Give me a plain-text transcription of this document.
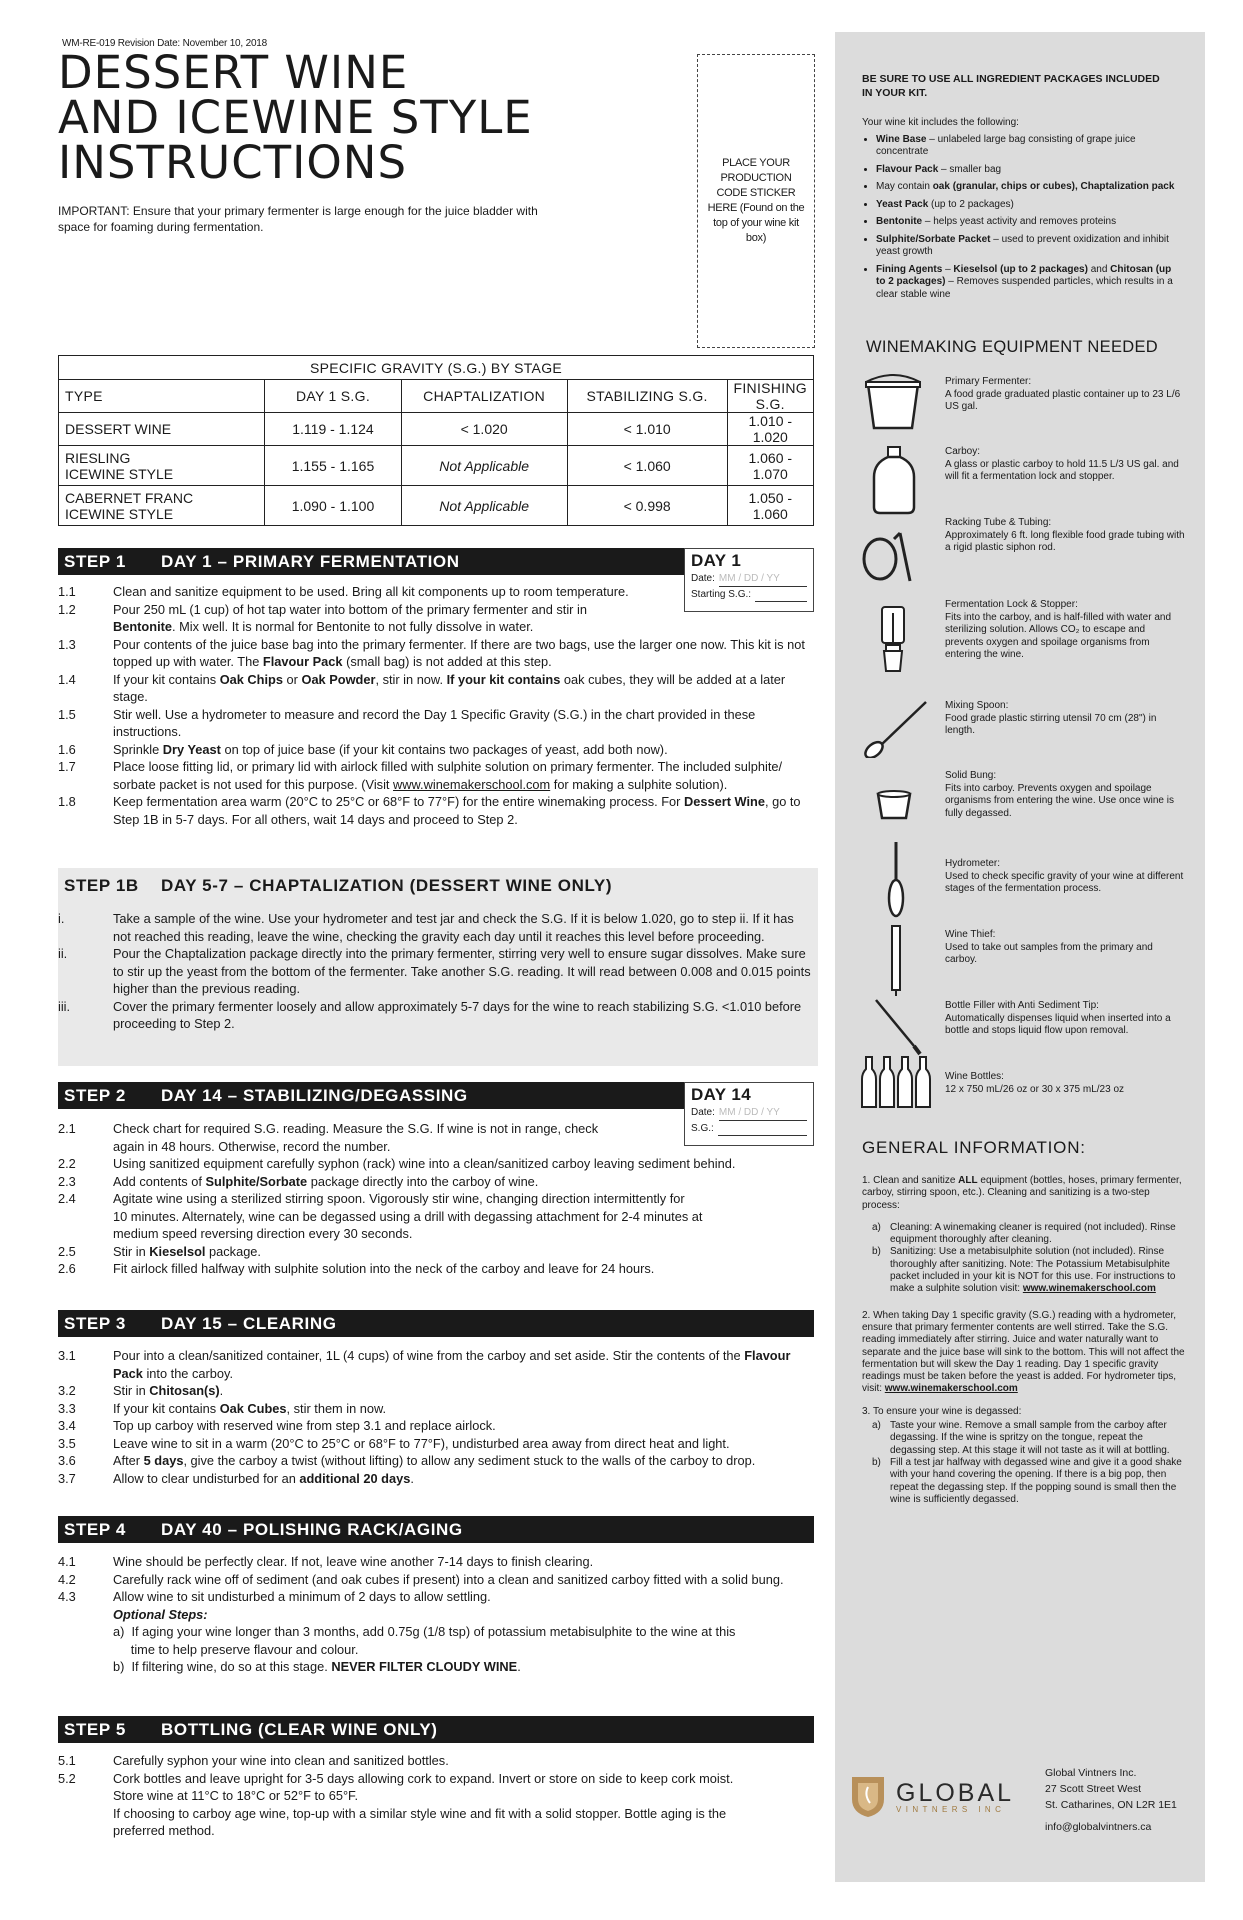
WM-RE-019 Revision Date: November 10, 2018
DESSERT WINE
AND ICEWINE STYLE
INSTRUCTIONS
IMPORTANT: Ensure that your primary fermenter is large enough for the juice bladder with space for foaming during fermentation.
PLACE YOUR PRODUCTION CODE STICKER HERE (Found on the top of your wine kit box)
SPECIFIC GRAVITY (S.G.) BY STAGE				
TYPE	DAY 1 S.G.	CHAPTALIZATION	STABILIZING S.G.	FINISHING S.G.
DESSERT WINE	1.119 - 1.124	< 1.020	< 1.010	1.010 - 1.020
RIESLING
ICEWINE STYLE	1.155 - 1.165	Not Applicable	< 1.060	1.060 - 1.070
CABERNET FRANC
ICEWINE STYLE	1.090 - 1.100	Not Applicable	< 0.998	1.050 - 1.060
STEP 1 DAY 1 – PRIMARY FERMENTATION	DAY 1
Date: MM / DD / YY
Starting S.G.:
1.1	Clean and sanitize equipment to be used. Bring all kit components up to room temperature.
1.2	Pour 250 mL (1 cup) of hot tap water into bottom of the primary fermenter and stir in
Bentonite. Mix well. It is normal for Bentonite to not fully dissolve in water.
1.3	Pour contents of the juice base bag into the primary fermenter. If there are two bags, use the larger one now. This kit is not topped up with water. The Flavour Pack (small bag) is not added at this step.
1.4	If your kit contains Oak Chips or Oak Powder, stir in now. If your kit contains oak cubes, they will be added at a later stage.
1.5	Stir well. Use a hydrometer to measure and record the Day 1 Specific Gravity (S.G.) in the chart provided in these instructions.
1.6	Sprinkle Dry Yeast on top of juice base (if your kit contains two packages of yeast, add both now).
1.7	Place loose fitting lid, or primary lid with airlock filled with sulphite solution on primary fermenter. The included sulphite/ sorbate packet is not used for this purpose. (Visit www.winemakerschool.com for making a sulphite solution).
1.8	Keep fermentation area warm (20°C to 25°C or 68°F to 77°F) for the entire winemaking process. For Dessert Wine, go to Step 1B in 5-7 days. For all others, wait 14 days and proceed to Step 2.
STEP 1B DAY 5-7 – CHAPTALIZATION (DESSERT WINE ONLY)
i.	Take a sample of the wine. Use your hydrometer and test jar and check the S.G. If it is below 1.020, go to step ii. If it has not reached this reading, leave the wine, checking the gravity each day until it reaches this level before proceeding.
ii.	Pour the Chaptalization package directly into the primary fermenter, stirring very well to ensure sugar dissolves. Make sure to stir up the yeast from the bottom of the fermenter. Take another S.G. reading. It will read between 0.008 and 0.015 points higher than the previous reading.
iii.	Cover the primary fermenter loosely and allow approximately 5-7 days for the wine to reach stabilizing S.G. <1.010 before proceeding to Step 2.
STEP 2 DAY 14 – STABILIZING/DEGASSING	DAY 14
Date: MM / DD / YY
S.G.:
2.1	Check chart for required S.G. reading. Measure the S.G. If wine is not in range, check
again in 48 hours. Otherwise, record the number.
2.2	Using sanitized equipment carefully syphon (rack) wine into a clean/sanitized carboy leaving sediment behind.
2.3	Add contents of Sulphite/Sorbate package directly into the carboy of wine.
2.4	Agitate wine using a sterilized stirring spoon. Vigorously stir wine, changing direction intermittently for
10 minutes. Alternately, wine can be degassed using a drill with degassing attachment for 2-4 minutes at
medium speed reversing direction every 30 seconds.
2.5	Stir in Kieselsol package.
2.6	Fit airlock filled halfway with sulphite solution into the neck of the carboy and leave for 24 hours.
STEP 3 DAY 15 – CLEARING
3.1	Pour into a clean/sanitized container, 1L (4 cups) of wine from the carboy and set aside. Stir the contents of the Flavour Pack into the carboy.
3.2	Stir in Chitosan(s).
3.3	If your kit contains Oak Cubes, stir them in now.
3.4	Top up carboy with reserved wine from step 3.1 and replace airlock.
3.5	Leave wine to sit in a warm (20°C to 25°C or 68°F to 77°F), undisturbed area away from direct heat and light.
3.6	After 5 days, give the carboy a twist (without lifting) to allow any sediment stuck to the walls of the carboy to drop.
3.7	Allow to clear undisturbed for an additional 20 days.
STEP 4 DAY 40 – POLISHING RACK/AGING
4.1	Wine should be perfectly clear. If not, leave wine another 7-14 days to finish clearing.
4.2	Carefully rack wine off of sediment (and oak cubes if present) into a clean and sanitized carboy fitted with a solid bung.
4.3	Allow wine to sit undisturbed a minimum of 2 days to allow settling.
Optional Steps:
a)  If aging your wine longer than 3 months, add 0.75g (1/8 tsp) of potassium metabisulphite to the wine at this
time to help preserve flavour and colour.
b)  If filtering wine, do so at this stage. NEVER FILTER CLOUDY WINE.
STEP 5 BOTTLING (CLEAR WINE ONLY)
5.1	Carefully syphon your wine into clean and sanitized bottles.
5.2	Cork bottles and leave upright for 3-5 days allowing cork to expand. Invert or store on side to keep cork moist.
Store wine at 11°C to 18°C or 52°F to 65°F.
If choosing to carboy age wine, top-up with a similar style wine and fit with a solid stopper. Bottle aging is the
preferred method.
BE SURE TO USE ALL INGREDIENT PACKAGES INCLUDED IN YOUR KIT.
Your wine kit includes the following:
• Wine Base – unlabeled large bag consisting of grape juice concentrate
• Flavour Pack – smaller bag
• May contain oak (granular, chips or cubes), Chaptalization pack
• Yeast Pack (up to 2 packages)
• Bentonite – helps yeast activity and removes proteins
• Sulphite/Sorbate Packet – used to prevent oxidization and inhibit yeast growth
• Fining Agents – Kieselsol (up to 2 packages) and Chitosan (up to 2 packages) – Removes suspended particles, which results in a clear stable wine
WINEMAKING EQUIPMENT NEEDED
Primary Fermenter:
A food grade graduated plastic container up to 23 L/6 US gal.
Carboy:
A glass or plastic carboy to hold 11.5 L/3 US gal. and will fit a fermentation lock and stopper.
Racking Tube & Tubing:
Approximately 6 ft. long flexible food grade tubing with a rigid plastic siphon rod.
Fermentation Lock & Stopper:
Fits into the carboy, and is half-filled with water and sterilizing solution. Allows CO₂ to escape and prevents oxygen and spoilage organisms from entering the wine.
Mixing Spoon:
Food grade plastic stirring utensil 70 cm (28") in length.
Solid Bung:
Fits into carboy. Prevents oxygen and spoilage organisms from entering the wine. Use once wine is fully degassed.
Hydrometer:
Used to check specific gravity of your wine at different stages of the fermentation process.
Wine Thief:
Used to take out samples from the primary and carboy.
Bottle Filler with Anti Sediment Tip:
Automatically dispenses liquid when inserted into a bottle and stops liquid flow upon removal.
Wine Bottles:
12 x 750 mL/26 oz or 30 x 375 mL/23 oz
GENERAL INFORMATION:

1. Clean and sanitize ALL equipment (bottles, hoses, primary fermenter, carboy, stirring spoon, etc.). Cleaning and sanitizing is a two-step process:

a) Cleaning: A winemaking cleaner is required (not included). Rinse equipment thoroughly after cleaning.
b) Sanitizing: Use a metabisulphite solution (not included). Rinse thoroughly after sanitizing. Note: The Potassium Metabisulphite packet included in your kit is NOT for this use. For instructions to make a sulphite solution visit: www.winemakerschool.com

2. When taking Day 1 specific gravity (S.G.) reading with a hydrometer, ensure that primary fermenter contents are well stirred. Take the S.G. reading immediately after stirring. Juice and water naturally want to separate and the juice base will sink to the bottom. This will not affect the fermentation but will skew the Day 1 reading. Day 1 specific gravity readings must be taken before the yeast is added. For hydrometer tips, visit: www.winemakerschool.com

3. To ensure your wine is degassed:

a) Taste your wine. Remove a small sample from the carboy after degassing. If the wine is spritzy on the tongue, repeat the degassing step. At this stage it will not taste as it will at bottling.
b) Fill a test jar halfway with degassed wine and give it a good shake with your hand covering the opening. If there is a big pop, then repeat the degassing step. If the popping sound is small then the wine is sufficiently degassed.
GLOBAL
VINTNERS INC
Global Vintners Inc.
27 Scott Street West
St. Catharines, ON L2R 1E1
info@globalvintners.ca
